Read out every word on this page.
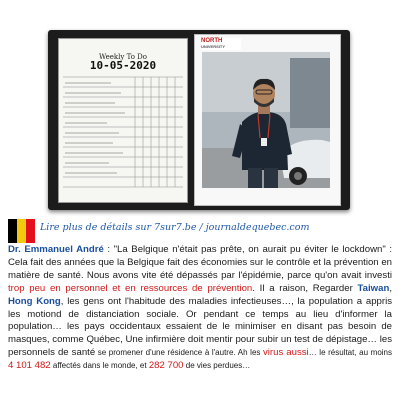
Weekly To Do
10-05-2020
NORTH
UNIVERSITY
Lire plus de détails sur 7sur7.be / journaldequebec.com
Dr. Emmanuel André : "La Belgique n'était pas prête, on aurait pu éviter le lockdown" : Cela fait des années que la Belgique fait des économies sur le contrôle et la prévention en matière de santé. Nous avons vite été dépassés par l'épidémie, parce qu'on avait investi trop peu en personnel et en ressources de prévention. Il a raison, Regarder Taiwan, Hong Kong, les gens ont l'habitude des maladies infectieuses…, la population a appris les motiond de distanciation sociale. Or pendant ce temps au lieu d'informer la population… les pays occidentaux essaient de le minimiser en disant pas besoin de masques, comme Québec, Une infirmière doit mentir pour subir un test de dépistage… les personnels de santé se promener d'une résidence à l'autre. Ah les virus aussi… le résultat, au moins 4 101 482 affectés dans le monde, et 282 700 de vies perdues…
